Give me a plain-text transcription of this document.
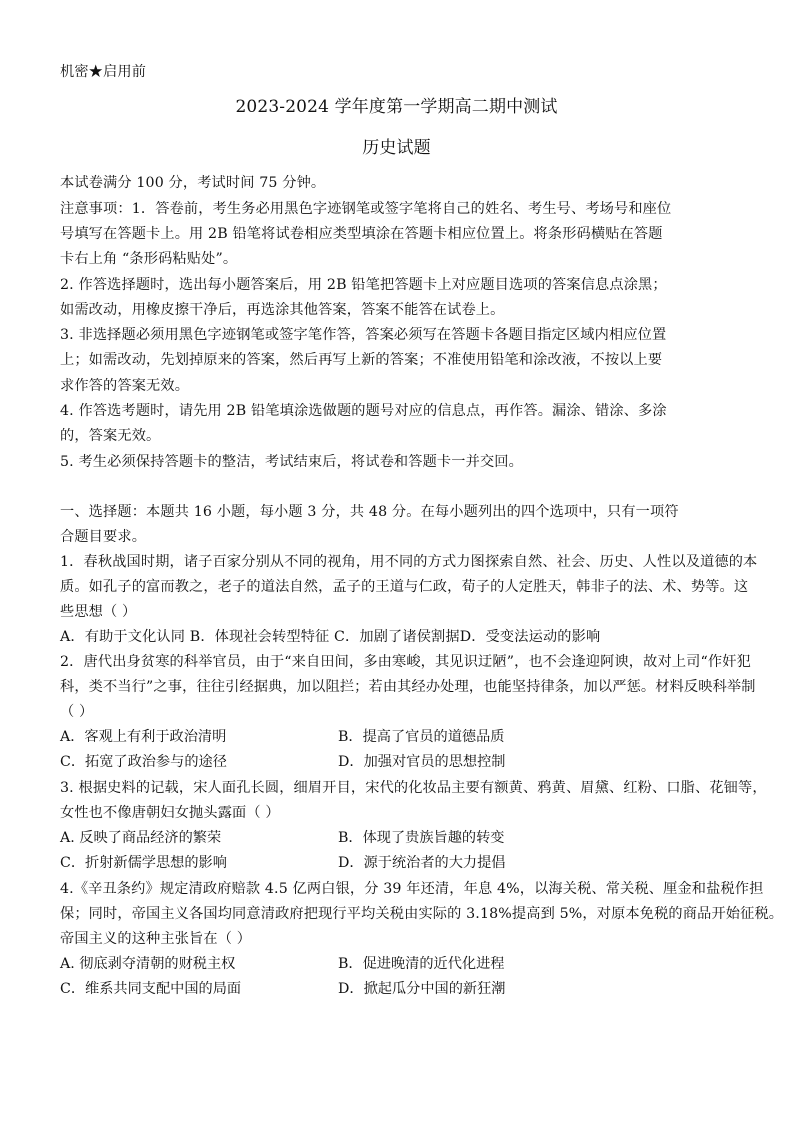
机密★启用前
2023-2024 学年度第一学期高二期中测试
历史试题
本试卷满分 100 分，考试时间 75 分钟。
注意事项：1．答卷前，考生务必用黑色字迹钢笔或签字笔将自己的姓名、考生号、考场号和座位
号填写在答题卡上。用 2B 铅笔将试卷相应类型填涂在答题卡相应位置上。将条形码横贴在答题
卡右上角 “条形码粘贴处”。
2. 作答选择题时，选出每小题答案后，用 2B 铅笔把答题卡上对应题目选项的答案信息点涂黑；
如需改动，用橡皮擦干净后，再选涂其他答案，答案不能答在试卷上。
3. 非选择题必须用黑色字迹钢笔或签字笔作答，答案必须写在答题卡各题目指定区域内相应位置
上；如需改动，先划掉原来的答案，然后再写上新的答案；不准使用铅笔和涂改液，不按以上要
求作答的答案无效。
4. 作答选考题时，请先用 2B 铅笔填涂选做题的题号对应的信息点，再作答。漏涂、错涂、多涂
的，答案无效。
5. 考生必须保持答题卡的整洁，考试结束后，将试卷和答题卡一并交回。
一、选择题：本题共 16 小题，每小题 3 分，共 48 分。在每小题列出的四个选项中，只有一项符
合题目要求。
1．春秋战国时期，诸子百家分别从不同的视角，用不同的方式力图探索自然、社会、历史、人性以及道德的本
质。如孔子的富而教之，老子的道法自然，孟子的王道与仁政，荀子的人定胜天，韩非子的法、术、势等。这
些思想（ ）
A．有助于文化认同 B．体现社会转型特征 C．加剧了诸侯割据D．受变法运动的影响
2．唐代出身贫寒的科举官员，由于“来自田间，多由寒峻，其见识迂陋”，也不会逢迎阿谀，故对上司“作奸犯
科，类不当行”之事，往往引经据典，加以阻拦；若由其经办处理，也能坚持律条，加以严惩。材料反映科举制
（ ）
A．客观上有利于政治清明	B．提高了官员的道德品质
C．拓宽了政治参与的途径	D．加强对官员的思想控制
3. 根据史料的记载，宋人面孔长圆，细眉开目，宋代的化妆品主要有额黄、鸦黄、眉黛、红粉、口脂、花钿等，
女性也不像唐朝妇女抛头露面（ ）
A. 反映了商品经济的繁荣	B．体现了贵族旨趣的转变
C．折射新儒学思想的影响	D．源于统治者的大力提倡
4.《辛丑条约》规定清政府赔款 4.5 亿两白银，分 39 年还清，年息 4%，以海关税、常关税、厘金和盐税作担
保；同时，帝国主义各国均同意清政府把现行平均关税由实际的 3.18%提高到 5%，对原本免税的商品开始征税。
帝国主义的这种主张旨在（ ）
A. 彻底剥夺清朝的财税主权	B．促进晚清的近代化进程
C．维系共同支配中国的局面	D．掀起瓜分中国的新狂潮
